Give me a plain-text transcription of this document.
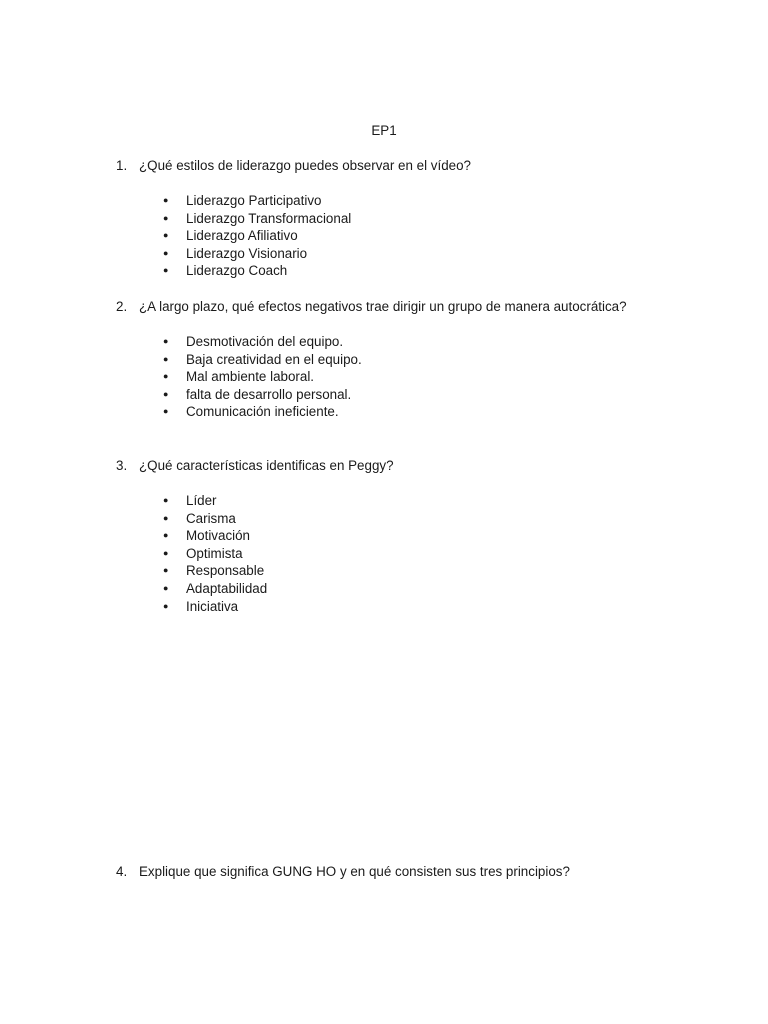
EP1
1. ¿Qué estilos de liderazgo puedes observar en el vídeo?
● Liderazgo Participativo
● Liderazgo Transformacional
● Liderazgo Afiliativo
● Liderazgo Visionario
● Liderazgo Coach
2. ¿A largo plazo, qué efectos negativos trae dirigir un grupo de manera autocrática?
● Desmotivación del equipo.
● Baja creatividad en el equipo.
● Mal ambiente laboral.
● falta de desarrollo personal.
● Comunicación ineficiente.
3. ¿Qué características identificas en Peggy?
● Líder
● Carisma
● Motivación
● Optimista
● Responsable
● Adaptabilidad
● Iniciativa
4. Explique que significa GUNG HO y en qué consisten sus tres principios?
